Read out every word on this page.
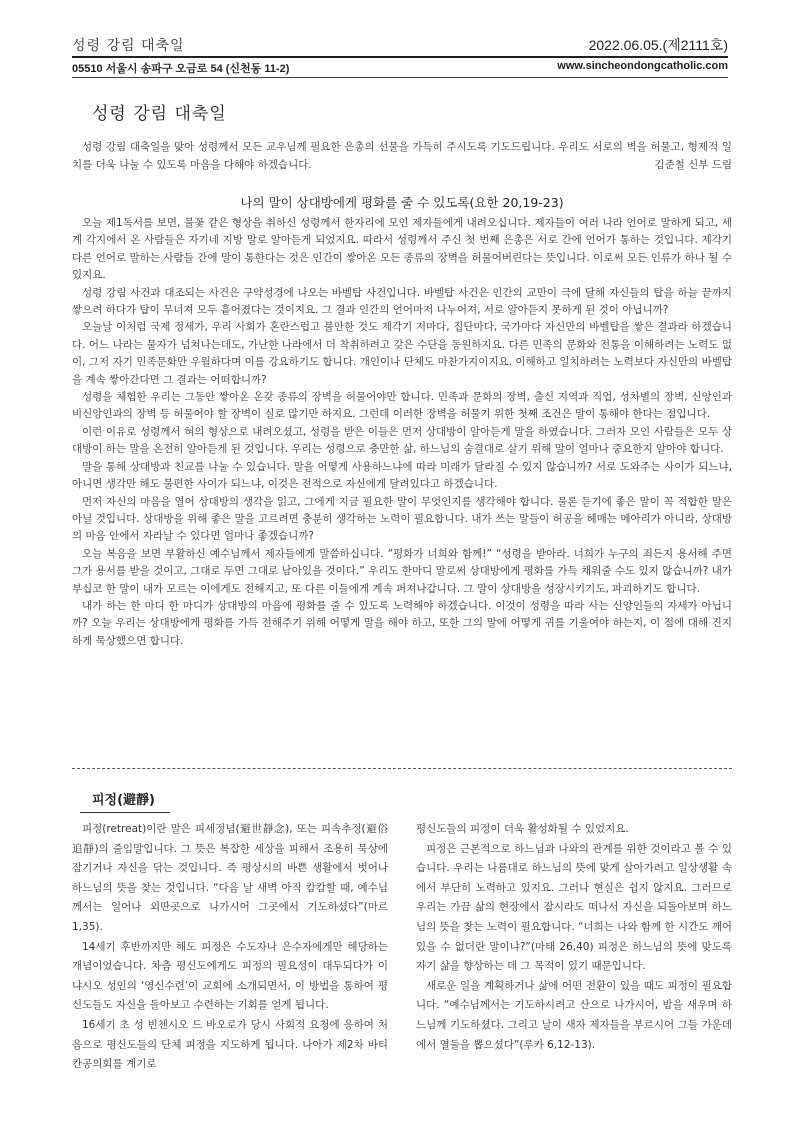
성령 강림 대축일	2022.06.05.(제2111호)
05510 서울시 송파구 오금로 54 (신천동 11-2)	www.sincheondongcatholic.com
성령 강림 대축일
성령 강림 대축일을 맞아 성령께서 모든 교우님께 필요한 은총의 선물을 가득히 주시도록 기도드립니다. 우리도 서로의 벽을 허물고, 형제적 일치를 더욱 나눌 수 있도록 마음을 다해야 하겠습니다.	김준철 신부 드림
나의 말이 상대방에게 평화를 줄 수 있도록(요한 20,19-23)

오늘 제1독서를 보면, 불꽃 같은 형상을 취하신 성령께서 한자리에 모인 제자들에게 내려오십니다. 제자들이 여러 나라 언어로 말하게 되고, 세계 각지에서 온 사람들은 자기네 지방 말로 알아듣게 되었지요. 따라서 성령께서 주신 첫 번째 은총은 서로 간에 언어가 통하는 것입니다. 제각기 다른 언어로 말하는 사람들 간에 말이 통한다는 것은 인간이 쌓아온 모든 종류의 장벽을 허물어버린다는 뜻입니다. 이로써 모든 인류가 하나 될 수 있지요.

성령 강림 사건과 대조되는 사건은 구약성경에 나오는 바벨탑 사건입니다. 바벨탑 사건은 인간의 교만이 극에 달해 자신들의 탑을 하늘 끝까지 쌓으려 하다가 탑이 무너져 모두 흩어졌다는 것이지요. 그 결과 인간의 언어마저 나누어져, 서로 알아듣지 못하게 된 것이 아닙니까?

오늘날 이처럼 국제 정세가, 우리 사회가 혼란스럽고 불안한 것도 제각기 저마다, 집단마다, 국가마다 자신만의 바벨탑을 쌓은 결과라 하겠습니다. 어느 나라는 물자가 넘쳐나는데도, 가난한 나라에서 더 착취하려고 갖은 수단을 동원하지요. 다른 민족의 문화와 전통을 이해하려는 노력도 없이, 그저 자기 민족문화만 우월하다며 이를 강요하기도 합니다. 개인이나 단체도 마찬가지이지요. 이해하고 일치하려는 노력보다 자신만의 바벨탑을 계속 쌓아간다면 그 결과는 어떠합니까?

성령을 체험한 우리는 그동안 쌓아온 온갖 종류의 장벽을 허물어야만 합니다. 민족과 문화의 장벽, 출신 지역과 직업, 성차별의 장벽, 신앙인과 비신앙인과의 장벽 등 허물어야 할 장벽이 실로 많기만 하지요. 그런데 이러한 장벽을 허물기 위한 첫째 조건은 말이 통해야 한다는 점입니다.

이런 이유로 성령께서 혀의 형상으로 내려오셨고, 성령을 받은 이들은 먼저 상대방이 알아듣게 말을 하였습니다. 그러자 모인 사람들은 모두 상대방이 하는 말을 온전히 알아듣게 된 것입니다. 우리는 성령으로 충만한 삶, 하느님의 숨결대로 살기 위해 말이 얼마나 중요한지 알아야 합니다.

말을 통해 상대방과 친교를 나눌 수 있습니다. 말을 어떻게 사용하느냐에 따라 미래가 달라질 수 있지 않습니까? 서로 도와주는 사이가 되느냐, 아니면 생각만 해도 불편한 사이가 되느냐, 이것은 전적으로 자신에게 달려있다고 하겠습니다.

먼저 자신의 마음을 열어 상대방의 생각을 읽고, 그에게 지금 필요한 말이 무엇인지를 생각해야 합니다. 물론 듣기에 좋은 말이 꼭 적합한 말은 아닐 것입니다. 상대방을 위해 좋은 말을 고르려면 충분히 생각하는 노력이 필요합니다. 내가 쓰는 말들이 허공을 헤매는 메아리가 아니라, 상대방의 마음 안에서 자라날 수 있다면 얼마나 좋겠습니까?

오늘 복음을 보면 부활하신 예수님께서 제자들에게 말씀하십니다. “평화가 너희와 함께!” “성령을 받아라. 너희가 누구의 죄든지 용서해 주면 그가 용서를 받을 것이고, 그대로 두면 그대로 남아있을 것이다.” 우리도 한마디 말로써 상대방에게 평화를 가득 채워줄 수도 있지 않습니까? 내가 부십코 한 말이 내가 모르는 이에게도 전해지고, 또 다른 이들에게 계속 퍼져나갑니다. 그 말이 상대방을 성장시키기도, 파괴하기도 합니다.

내가 하는 한 마디 한 마디가 상대방의 마음에 평화를 줄 수 있도록 노력해야 하겠습니다. 이것이 성령을 따라 사는 신앙인들의 자세가 아닙니까? 오늘 우리는 상대방에게 평화를 가득 전해주기 위해 어떻게 말을 해야 하고, 또한 그의 말에 어떻게 귀를 기울여야 하는지, 이 점에 대해 진지하게 묵상했으면 합니다.

피정(避靜)

피정(retreat)이란 말은 피세정념(避世靜念), 또는 피속추정(避俗追靜)의 줄임말입니다. 그 뜻은 복잡한 세상을 피해서 조용히 묵상에 잠기거나 자신을 닦는 것입니다. 즉 평상시의 바쁜 생활에서 벗어나 하느님의 뜻을 찾는 것입니다. “다음 날 새벽 아직 캄캄할 때, 예수님께서는 일어나 외딴곳으로 나가시어 그곳에서 기도하셨다”(마르 1,35).

14세기 후반까지만 해도 피정은 수도자나 은수자에게만 해당하는 개념이었습니다. 차츰 평신도에게도 피정의 필요성이 대두되다가 이냐시오 성인의 ‘영신수련’이 교회에 소개되면서, 이 방법을 통하여 평신도들도 자신을 돌아보고 수련하는 기회를 얻게 됩니다.

16세기 초 성 빈첸시오 드 바오로가 당시 사회적 요청에 응하여 처음으로 평신도들의 단체 피정을 지도하게 됩니다. 나아가 제2차 바티칸공의회를 계기로

평신도들의 피정이 더욱 활성화될 수 있었지요.

피정은 근본적으로 하느님과 나와의 관계를 위한 것이라고 볼 수 있습니다. 우리는 나름대로 하느님의 뜻에 맞게 살아가려고 일상생활 속에서 부단히 노력하고 있지요. 그러나 현실은 쉽지 않지요. 그러므로 우리는 가끔 삶의 현장에서 잠시라도 떠나서 자신을 되돌아보며 하느님의 뜻을 찾는 노력이 필요합니다. “너희는 나와 함께 한 시간도 깨어 있을 수 없더란 말이냐?”(마태 26,40) 피정은 하느님의 뜻에 맞도록 자기 삶을 향상하는 데 그 목적이 있기 때문입니다.

새로운 일을 계획하거나 삶에 어떤 전환이 있을 때도 피정이 필요합니다. “예수님께서는 기도하시려고 산으로 나가시어, 밤을 새우며 하느님께 기도하셨다. 그리고 날이 새자 제자들을 부르시어 그들 가운데에서 열둘을 뽑으셨다”(루카 6,12-13).
